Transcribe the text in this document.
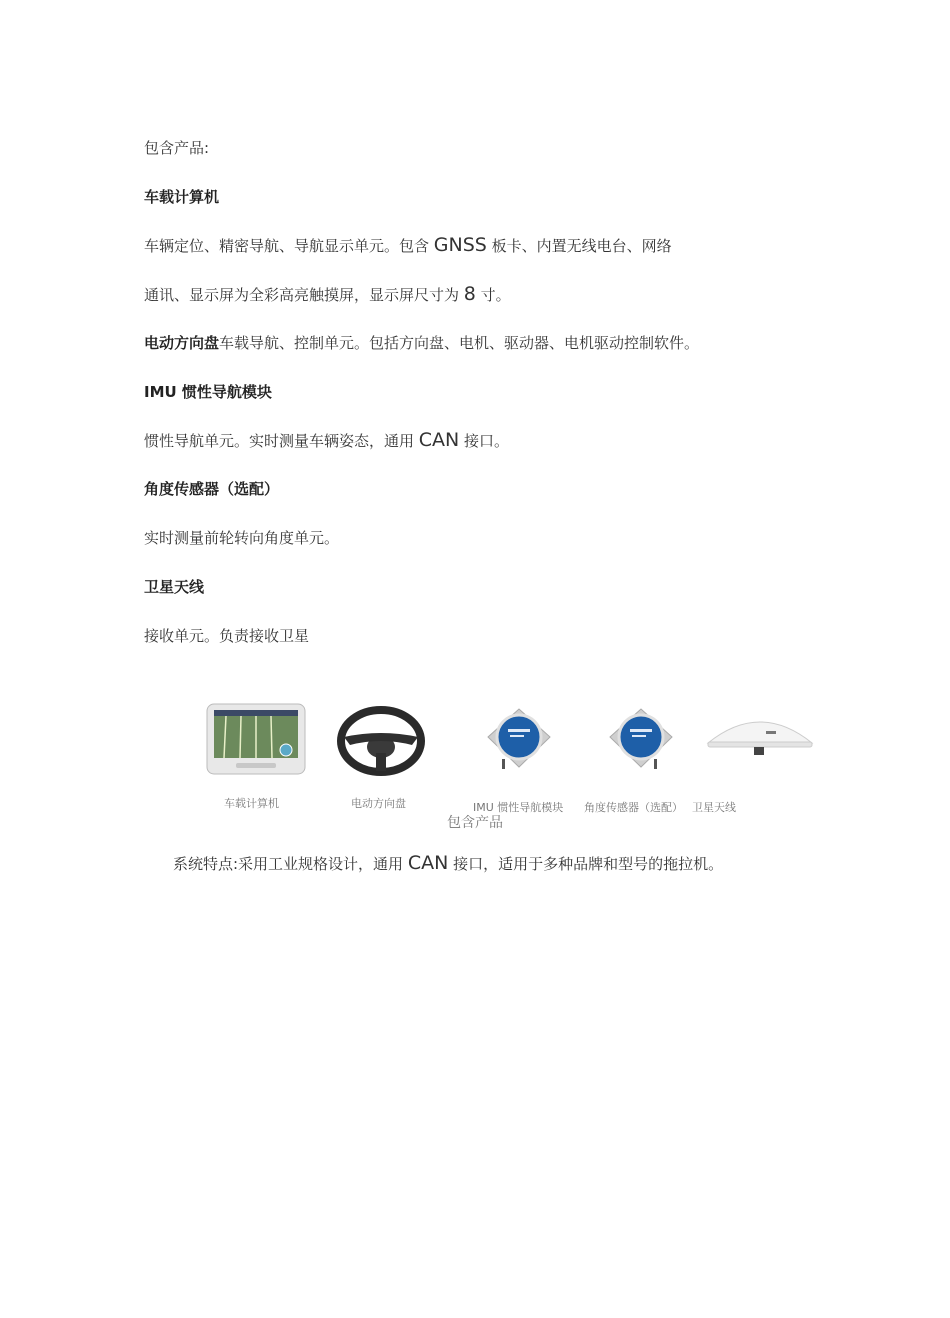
包含产品:
车载计算机
车辆定位、精密导航、导航显示单元。包含 GNSS 板卡、内置无线电台、网络
通讯、显示屏为全彩高亮触摸屏，显示屏尺寸为 8 寸。
电动方向盘车载导航、控制单元。包括方向盘、电机、驱动器、电机驱动控制软件。
IMU 惯性导航模块
惯性导航单元。实时测量车辆姿态，通用 CAN 接口。
角度传感器（选配）
实时测量前轮转向角度单元。
卫星天线
接收单元。负责接收卫星
车载计算机	电动方向盘	IMU 惯性导航模块 角度传感器（选配） 卫星天线
包含产品
系统特点:采用工业规格设计，通用 CAN 接口，适用于多种品牌和型号的拖拉机。
